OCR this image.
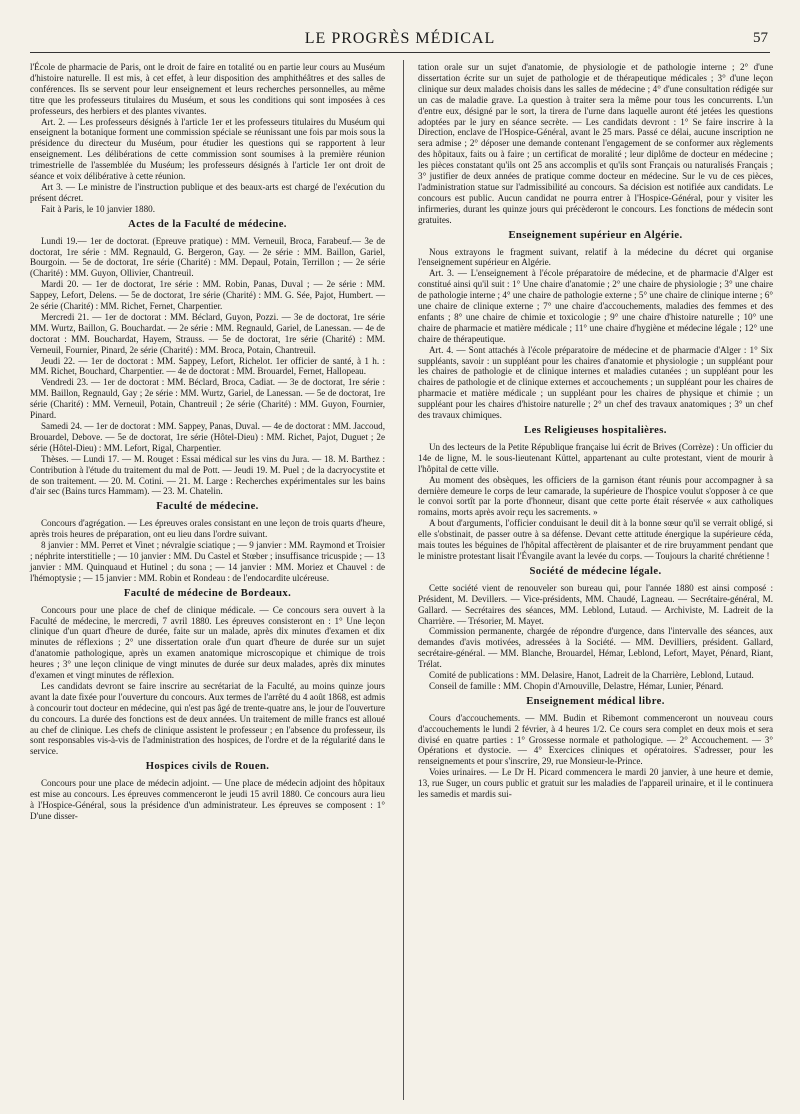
LE PROGRÈS MÉDICAL	57

l'École de pharmacie de Paris, ont le droit de faire en totalité ou en partie leur cours au Muséum d'histoire naturelle. Il est mis, à cet effet, à leur disposition des amphithéâtres et des salles de conférences. Ils se servent pour leur enseignement et leurs recherches personnelles, au même titre que les professeurs titulaires du Muséum, et sous les conditions qui sont imposées à ces professeurs, des herbiers et des plantes vivantes.

Art. 2. — Les professeurs désignés à l'article 1er et les professeurs titulaires du Muséum qui enseignent la botanique forment une commission spéciale se réunissant une fois par mois sous la présidence du directeur du Muséum, pour étudier les questions qui se rapportent à leur enseignement. Les délibérations de cette commission sont soumises à la première réunion trimestrielle de l'assemblée du Muséum; les professeurs désignés à l'article 1er ont droit de séance et voix délibérative à cette réunion.

Art 3. — Le ministre de l'instruction publique et des beaux-arts est chargé de l'exécution du présent décret.

Fait à Paris, le 10 janvier 1880.

Actes de la Faculté de médecine.

Lundi 19.— 1er de doctorat. (Epreuve pratique) : MM. Verneuil, Broca, Farabeuf.— 3e de doctorat, 1re série : MM. Regnauld, G. Bergeron, Gay. — 2e série : MM. Baillon, Gariel, Bourgoin. — 5e de doctorat, 1re série (Charité) : MM. Depaul, Potain, Terrillon ; — 2e série (Charité) : MM. Guyon, Ollivier, Chantreuil.

Mardi 20. — 1er de doctorat, 1re série : MM. Robin, Panas, Duval ; — 2e série : MM. Sappey, Lefort, Delens. — 5e de doctorat, 1re série (Charité) : MM. G. Sée, Pajot, Humbert. — 2e série (Charité) : MM. Richet, Fernet, Charpentier.

Mercredi 21. — 1er de doctorat : MM. Béclard, Guyon, Pozzi. — 3e de doctorat, 1re série MM. Wurtz, Baillon, G. Bouchardat. — 2e série : MM. Regnauld, Gariel, de Lanessan. — 4e de doctorat : MM. Bouchardat, Hayem, Strauss. — 5e de doctorat, 1re série (Charité) : MM. Verneuil, Fournier, Pinard, 2e série (Charité) : MM. Broca, Potain, Chantreuil.

Jeudi 22. — 1er de doctorat : MM. Sappey, Lefort, Richelot. 1er officier de santé, à 1 h. : MM. Richet, Bouchard, Charpentier. — 4e de doctorat : MM. Brouardel, Fernet, Hallopeau.

Vendredi 23. — 1er de doctorat : MM. Béclard, Broca, Cadiat. — 3e de doctorat, 1re série : MM. Baillon, Regnauld, Gay ; 2e série : MM. Wurtz, Gariel, de Lanessan. — 5e de doctorat, 1re série (Charité) : MM. Verneuil, Potain, Chantreuil ; 2e série (Charité) : MM. Guyon, Fournier, Pinard.

Samedi 24. — 1er de doctorat : MM. Sappey, Panas, Duval. — 4e de doctorat : MM. Jaccoud, Brouardel, Debove. — 5e de doctorat, 1re série (Hôtel-Dieu) : MM. Richet, Pajot, Duguet ; 2e série (Hôtel-Dieu) : MM. Lefort, Rigal, Charpentier.

Thèses. — Lundi 17. — M. Rouget : Essai médical sur les vins du Jura. — 18. M. Barthez : Contribution à l'étude du traitement du mal de Pott. — Jeudi 19. M. Puel ; de la dacryocystite et de son traitement. — 20. M. Cotini. — 21. M. Large : Recherches expérimentales sur les bains d'air sec (Bains turcs Hammam). — 23. M. Chatelin.

Faculté de médecine.

Concours d'agrégation. — Les épreuves orales consistant en une leçon de trois quarts d'heure, après trois heures de préparation, ont eu lieu dans l'ordre suivant.

8 janvier : MM. Perret et Vinet ; névralgie sciatique ; — 9 janvier : MM. Raymond et Troisier ; néphrite interstitielle ; — 10 janvier : MM. Du Castel et Stœber ; insuffisance tricuspide ; — 13 janvier : MM. Quinquaud et Hutinel ; du sona ; — 14 janvier : MM. Moriez et Chauvel : de l'hémoptysie ; — 15 janvier : MM. Robin et Rondeau : de l'endocardite ulcéreuse.

Faculté de médecine de Bordeaux.

Concours pour une place de chef de clinique médicale. — Ce concours sera ouvert à la Faculté de médecine, le mercredi, 7 avril 1880. Les épreuves consisteront en : 1° Une leçon clinique d'un quart d'heure de durée, faite sur un malade, après dix minutes d'examen et dix minutes de réflexions ; 2° une dissertation orale d'un quart d'heure de durée sur un sujet d'anatomie pathologique, après un examen anatomique microscopique et chimique de trois heures ; 3° une leçon clinique de vingt minutes de durée sur deux malades, après dix minutes d'examen et vingt minutes de réflexion.

Les candidats devront se faire inscrire au secrétariat de la Faculté, au moins quinze jours avant la date fixée pour l'ouverture du concours. Aux termes de l'arrêté du 4 août 1868, est admis à concourir tout docteur en médecine, qui n'est pas âgé de trente-quatre ans, le jour de l'ouverture du concours. La durée des fonctions est de deux années. Un traitement de mille francs est alloué au chef de clinique. Les chefs de clinique assistent le professeur ; en l'absence du professeur, ils sont responsables vis-à-vis de l'administration des hospices, de l'ordre et de la régularité dans le service.

Hospices civils de Rouen.

Concours pour une place de médecin adjoint. — Une place de médecin adjoint des hôpitaux est mise au concours. Les épreuves commenceront le jeudi 15 avril 1880. Ce concours aura lieu à l'Hospice-Général, sous la présidence d'un administrateur. Les épreuves se composent : 1° D'une disser-

tation orale sur un sujet d'anatomie, de physiologie et de pathologie interne ; 2° d'une dissertation écrite sur un sujet de pathologie et de thérapeutique médicales ; 3° d'une leçon clinique sur deux malades choisis dans les salles de médecine ; 4° d'une consultation rédigée sur un cas de maladie grave. La question à traiter sera la même pour tous les concurrents. L'un d'entre eux, désigné par le sort, la tirera de l'urne dans laquelle auront été jetées les questions adoptées par le jury en séance secrète. — Les candidats devront : 1° Se faire inscrire à la Direction, enclave de l'Hospice-Général, avant le 25 mars. Passé ce délai, aucune inscription ne sera admise ; 2° déposer une demande contenant l'engagement de se conformer aux règlements des hôpitaux, faits ou à faire ; un certificat de moralité ; leur diplôme de docteur en médecine ; les pièces constatant qu'ils ont 25 ans accomplis et qu'ils sont Français ou naturalisés Français ; 3° justifier de deux années de pratique comme docteur en médecine. Sur le vu de ces pièces, l'administration statue sur l'admissibilité au concours. Sa décision est notifiée aux candidats. Le concours est public. Aucun candidat ne pourra entrer à l'Hospice-Général, pour y visiter les infirmeries, durant les quinze jours qui précèderont le concours. Les fonctions de médecin sont gratuites.

Enseignement supérieur en Algérie.

Nous extrayons le fragment suivant, relatif à la médecine du décret qui organise l'enseignement supérieur en Algérie.

Art. 3. — L'enseignement à l'école préparatoire de médecine, et de pharmacie d'Alger est constitué ainsi qu'il suit : 1° Une chaire d'anatomie ; 2° une chaire de physiologie ; 3° une chaire de pathologie interne ; 4° une chaire de pathologie externe ; 5° une chaire de clinique interne ; 6° une chaire de clinique externe ; 7° une chaire d'accouchements, maladies des femmes et des enfants ; 8° une chaire de chimie et toxicologie ; 9° une chaire d'histoire naturelle ; 10° une chaire de pharmacie et matière médicale ; 11° une chaire d'hygiène et médecine légale ; 12° une chaire de thérapeutique.

Art. 4. — Sont attachés à l'école préparatoire de médecine et de pharmacie d'Alger : 1° Six suppléants, savoir : un suppléant pour les chaires d'anatomie et physiologie ; un suppléant pour les chaires de pathologie et de clinique internes et maladies cutanées ; un suppléant pour les chaires de pathologie et de clinique externes et accouchements ; un suppléant pour les chaires de pharmacie et matière médicale ; un suppléant pour les chaires de physique et chimie ; un suppléant pour les chaires d'histoire naturelle ; 2° un chef des travaux anatomiques ; 3° un chef des travaux chimiques.

Les Religieuses hospitalières.

Un des lecteurs de la Petite République française lui écrit de Brives (Corrèze) : Un officier du 14e de ligne, M. le sous-lieutenant Küttel, appartenant au culte protestant, vient de mourir à l'hôpital de cette ville.

Au moment des obsèques, les officiers de la garnison étant réunis pour accompagner à sa dernière demeure le corps de leur camarade, la supérieure de l'hospice voulut s'opposer à ce que le convoi sortît par la porte d'honneur, disant que cette porte était réservée « aux catholiques romains, morts après avoir reçu les sacrements. »

A bout d'arguments, l'officier conduisant le deuil dit à la bonne sœur qu'il se verrait obligé, si elle s'obstinait, de passer outre à sa défense. Devant cette attitude énergique la supérieure céda, mais toutes les béguines de l'hôpital affectèrent de plaisanter et de rire bruyamment pendant que le ministre protestant lisait l'Évangile avant la levée du corps. — Toujours la charité chrétienne !

Société de médecine légale.

Cette société vient de renouveler son bureau qui, pour l'année 1880 est ainsi composé : Président, M. Devillers. — Vice-présidents, MM. Chaudé, Lagneau. — Secrétaire-général, M. Gallard. — Secrétaires des séances, MM. Leblond, Lutaud. — Archiviste, M. Ladreit de la Charrière. — Trésorier, M. Mayet.

Commission permanente, chargée de répondre d'urgence, dans l'intervalle des séances, aux demandes d'avis motivées, adressées à la Société. — MM. Devilliers, président. Gallard, secrétaire-général. — MM. Blanche, Brouardel, Hémar, Leblond, Lefort, Mayet, Pénard, Riant, Trélat.

Comité de publications : MM. Delasire, Hanot, Ladreit de la Charrière, Leblond, Lutaud.

Conseil de famille : MM. Chopin d'Arnouville, Delastre, Hémar, Lunier, Pénard.

Enseignement médical libre.

Cours d'accouchements. — MM. Budin et Ribemont commenceront un nouveau cours d'accouchements le lundi 2 février, à 4 heures 1/2. Ce cours sera complet en deux mois et sera divisé en quatre parties : 1° Grossesse normale et pathologique. — 2° Accouchement. — 3° Opérations et dystocie. — 4° Exercices cliniques et opératoires. S'adresser, pour les renseignements et pour s'inscrire, 29, rue Monsieur-le-Prince.

Voies urinaires. — Le Dr H. Picard commencera le mardi 20 janvier, à une heure et demie, 13, rue Suger, un cours public et gratuit sur les maladies de l'appareil urinaire, et il le continuera les samedis et mardis sui-
